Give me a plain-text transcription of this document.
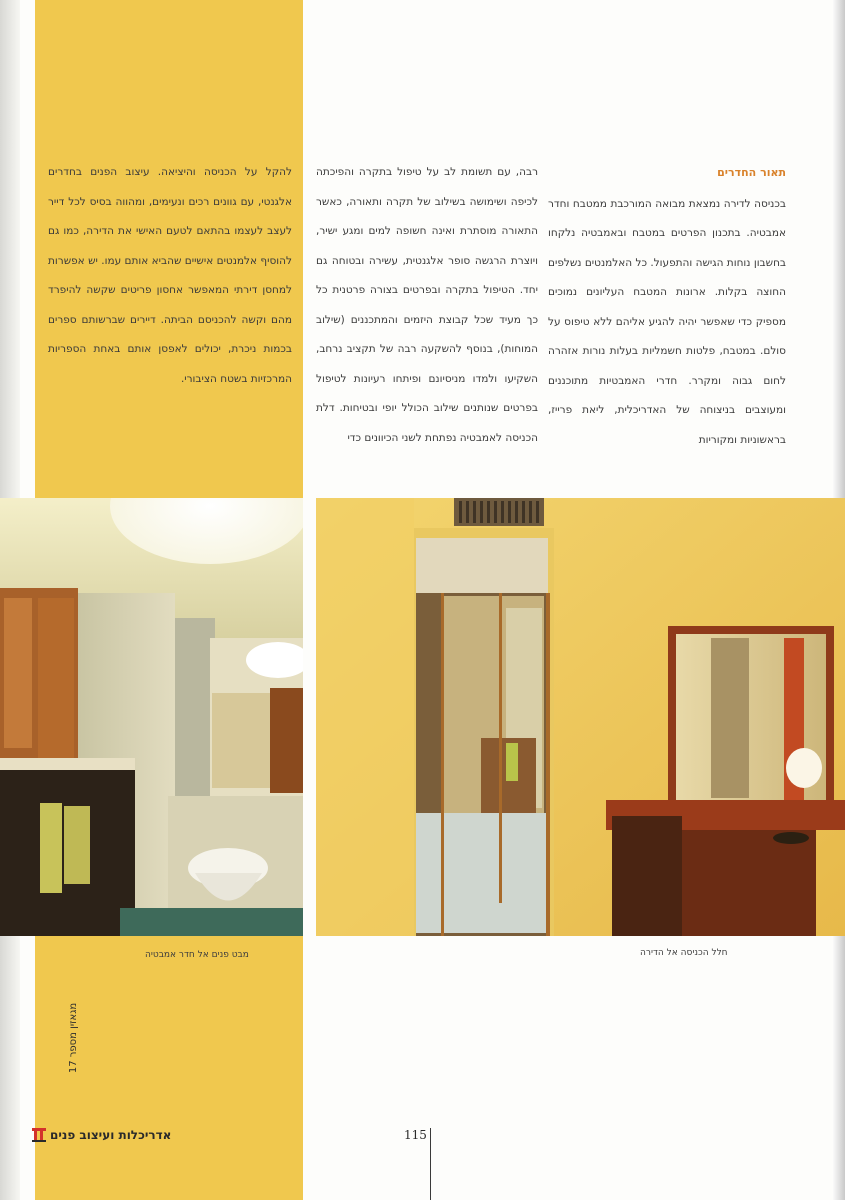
תאור החדרים

בכניסה לדירה נמצאת מבואה המורכבת ממטבח וחדר אמבטיה. בתכנון הפרטים במטבח ובאמבטיה נלקחו בחשבון נוחות הגישה והתפעול. כל האלמנטים נשלפים החוצה בקלות. ארונות המטבח העליונים נמוכים מספיק כדי שאפשר יהיה להגיע אליהם ללא טיפוס על סולם. במטבח, פלטות חשמליות בעלות נורות אזהרה לחום גבוה ומקרר. חדרי האמבטיות מתוכננים ומעוצבים בניצוחה של האדריכלית, ליאת פרייז, בראשוניות ומקוריות

רבה, עם תשומת לב על טיפול בתקרה והפיכתה לכיפה ושימושה בשילוב של תקרה ותאורה, כאשר התאורה מוסתרת ואינה חשופה למים ומגע ישיר, ויוצרת הרגשה סופר אלגנטית, עשירה ובטוחה גם יחד. הטיפול בתקרה ובפרטים בצורה פרטנית כל כך מעיד שכל קבוצת היזמים והמתכננים (שילוב המוחות), בנוסף להשקעה רבה של תקציב נרחב, השקיעו ולמדו מניסיונם ופיתחו רעיונות לטיפול בפרטים שנותנים שילוב הכולל יופי ובטיחות. דלת הכניסה לאמבטיה נפתחת לשני הכיוונים כדי

להקל על הכניסה והיציאה. עיצוב הפנים בחדרים אלגנטי, עם גוונים רכים ונעימים, ומהווה בסיס לכל דייר לעצב לעצמו בהתאם לטעם האישי את הדירה, כמו גם להוסיף אלמנטים אישיים שהביא אותם עמו. יש אפשרות למחסן דירתי המאפשר אחסון פריטים שקשה להיפרד מהם וקשה להכניסם הביתה. דיירים שברשותם ספרים בכמות ניכרת, יכולים לאפסן אותם באחת הספריות המרכזיות בשטח הציבורי.

מבט פנים אל חדר אמבטיה	חלל הכניסה אל הדירה
מגאזין מספר 17
אדריכלות ועיצוב פנים	115
